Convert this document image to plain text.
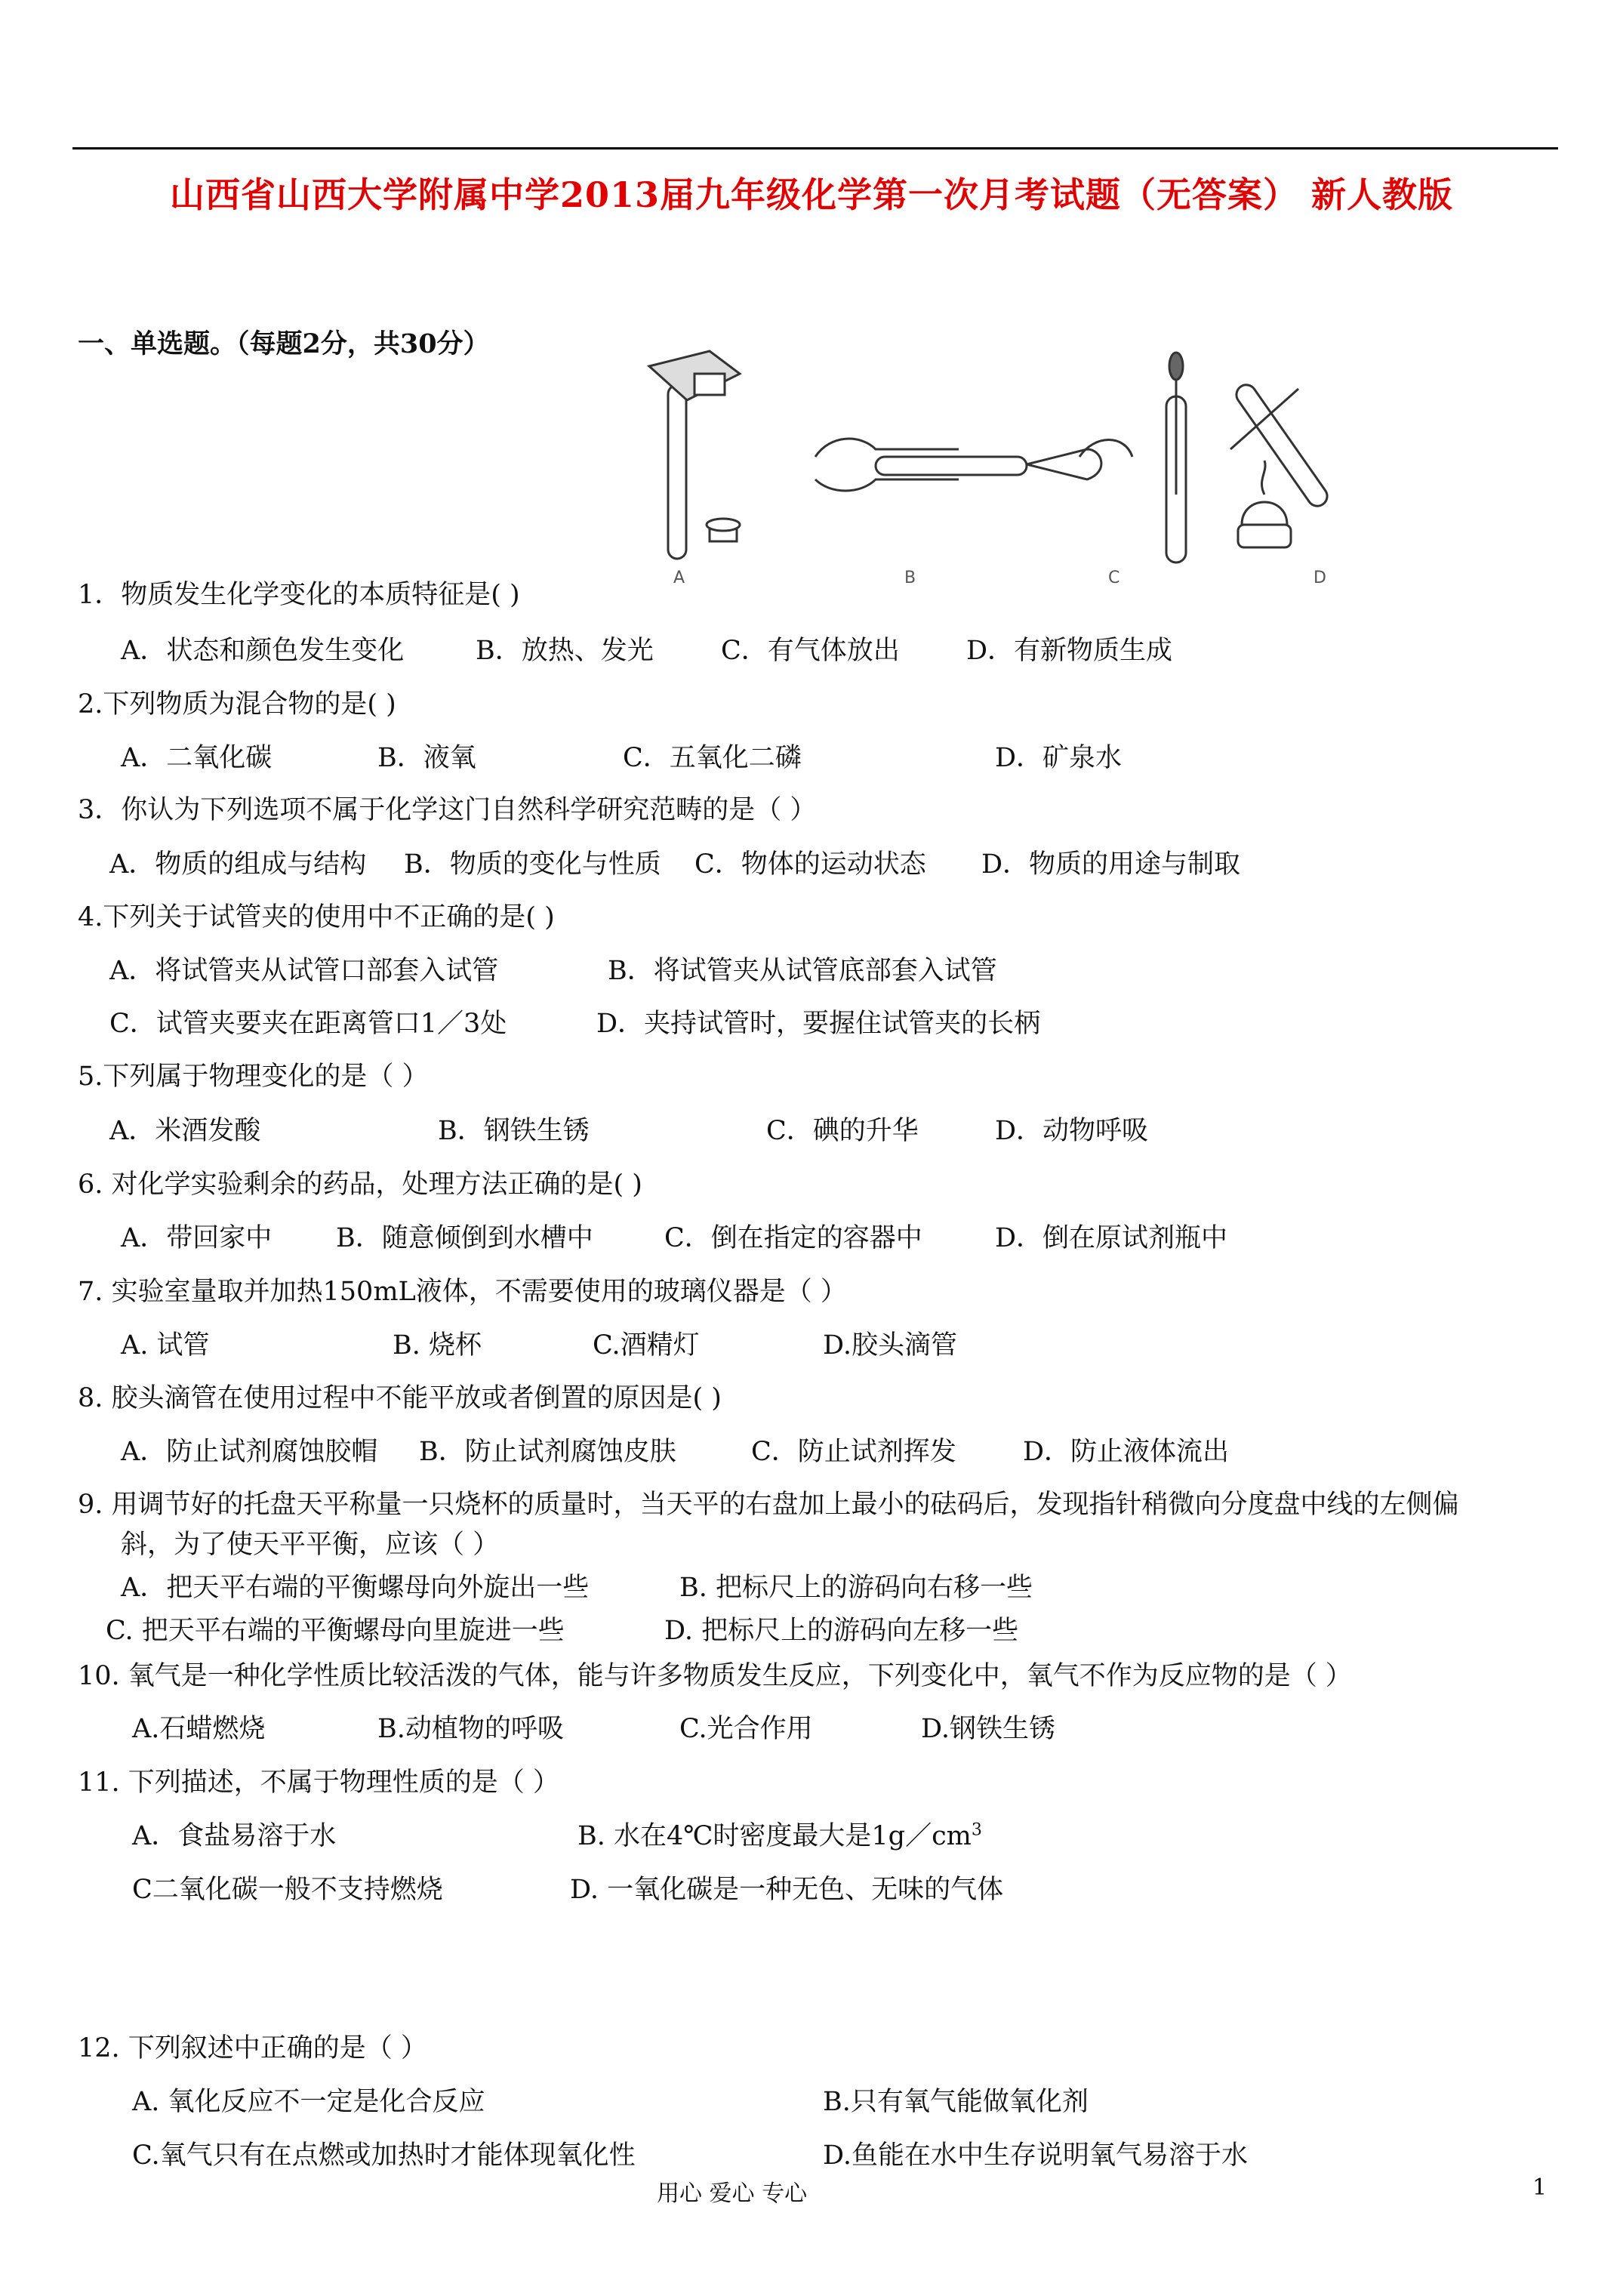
山西省山西大学附属中学2013届九年级化学第一次月考试题（无答案） 新人教版
一、单选题。（每题2分，共30分）
A	B	C	D
1．物质发生化学变化的本质特征是( )
A．状态和颜色发生变化	B．放热、发光	C．有气体放出	D．有新物质生成
2.下列物质为混合物的是( )
A．二氧化碳	B．液氧	C．五氧化二磷	D．矿泉水
3．你认为下列选项不属于化学这门自然科学研究范畴的是（ ）
A．物质的组成与结构 B．物质的变化与性质 C．物体的运动状态 D．物质的用途与制取
4.下列关于试管夹的使用中不正确的是( )
A．将试管夹从试管口部套入试管	B．将试管夹从试管底部套入试管
C．试管夹要夹在距离管口1／3处	D．夹持试管时，要握住试管夹的长柄
5.下列属于物理变化的是（ ）
A．米酒发酸	B．钢铁生锈	C．碘的升华	D．动物呼吸
6. 对化学实验剩余的药品，处理方法正确的是( )
A．带回家中 B．随意倾倒到水槽中	C．倒在指定的容器中	D．倒在原试剂瓶中
7. 实验室量取并加热150mL液体，不需要使用的玻璃仪器是（ ）
A. 试管	B. 烧杯	C.酒精灯	D.胶头滴管
8. 胶头滴管在使用过程中不能平放或者倒置的原因是( )
A．防止试剂腐蚀胶帽 B．防止试剂腐蚀皮肤	C．防止试剂挥发	D．防止液体流出
9. 用调节好的托盘天平称量一只烧杯的质量时，当天平的右盘加上最小的砝码后，发现指针稍微向分度盘中线的左侧偏
斜，为了使天平平衡，应该（ ）
A．把天平右端的平衡螺母向外旋出一些	B. 把标尺上的游码向右移一些
C. 把天平右端的平衡螺母向里旋进一些	D. 把标尺上的游码向左移一些
10. 氧气是一种化学性质比较活泼的气体，能与许多物质发生反应，下列变化中，氧气不作为反应物的是（ ）
A.石蜡燃烧	B.动植物的呼吸	C.光合作用	D.钢铁生锈
11. 下列描述，不属于物理性质的是（ ）
A．食盐易溶于水	B. 水在4℃时密度最大是$1g/cm^3$
C二氧化碳一般不支持燃烧	D. 一氧化碳是一种无色、无味的气体
12. 下列叙述中正确的是（ ）
A. 氧化反应不一定是化合反应	B.只有氧气能做氧化剂
C.氧气只有在点燃或加热时才能体现氧化性	D.鱼能在水中生存说明氧气易溶于水
用心 爱心 专心	1
